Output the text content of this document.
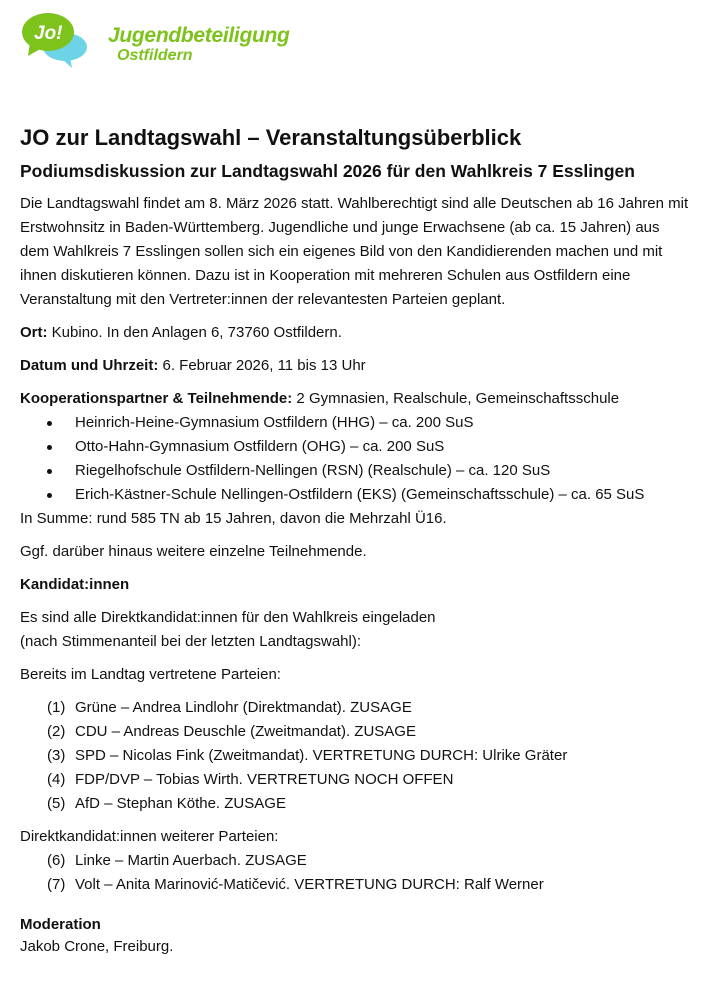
Jo! Jugendbeteiligung
Ostfildern
JO zur Landtagswahl – Veranstaltungsüberblick
Podiumsdiskussion zur Landtagswahl 2026 für den Wahlkreis 7 Esslingen

Die Landtagswahl findet am 8. März 2026 statt. Wahlberechtigt sind alle Deutschen ab 16 Jahren mit Erstwohnsitz in Baden-Württemberg. Jugendliche und junge Erwachsene (ab ca. 15 Jahren) aus dem Wahlkreis 7 Esslingen sollen sich ein eigenes Bild von den Kandidierenden machen und mit ihnen diskutieren können. Dazu ist in Kooperation mit mehreren Schulen aus Ostfildern eine Veranstaltung mit den Vertreter:innen der relevantesten Parteien geplant.

Ort: Kubino. In den Anlagen 6, 73760 Ostfildern.

Datum und Uhrzeit: 6. Februar 2026, 11 bis 13 Uhr

Kooperationspartner & Teilnehmende: 2 Gymnasien, Realschule, Gemeinschaftsschule

Heinrich-Heine-Gymnasium Ostfildern (HHG) – ca. 200 SuS
Otto-Hahn-Gymnasium Ostfildern (OHG) – ca. 200 SuS
Riegelhofschule Ostfildern-Nellingen (RSN) (Realschule) – ca. 120 SuS
Erich-Kästner-Schule Nellingen-Ostfildern (EKS) (Gemeinschaftsschule) – ca. 65 SuS

In Summe: rund 585 TN ab 15 Jahren, davon die Mehrzahl Ü16.

Ggf. darüber hinaus weitere einzelne Teilnehmende.

Kandidat:innen

Es sind alle Direktkandidat:innen für den Wahlkreis eingeladen

(nach Stimmenanteil bei der letzten Landtagswahl):

Bereits im Landtag vertretene Parteien:

(1) Grüne – Andrea Lindlohr (Direktmandat). ZUSAGE
(2) CDU – Andreas Deuschle (Zweitmandat). ZUSAGE
(3) SPD – Nicolas Fink (Zweitmandat). VERTRETUNG DURCH: Ulrike Gräter
(4) FDP/DVP – Tobias Wirth. VERTRETUNG NOCH OFFEN
(5) AfD – Stephan Köthe. ZUSAGE

Direktkandidat:innen weiterer Parteien:

(6) Linke – Martin Auerbach. ZUSAGE
(7) Volt – Anita Marinović-Matičević. VERTRETUNG DURCH: Ralf Werner

Moderation

Jakob Crone, Freiburg.
